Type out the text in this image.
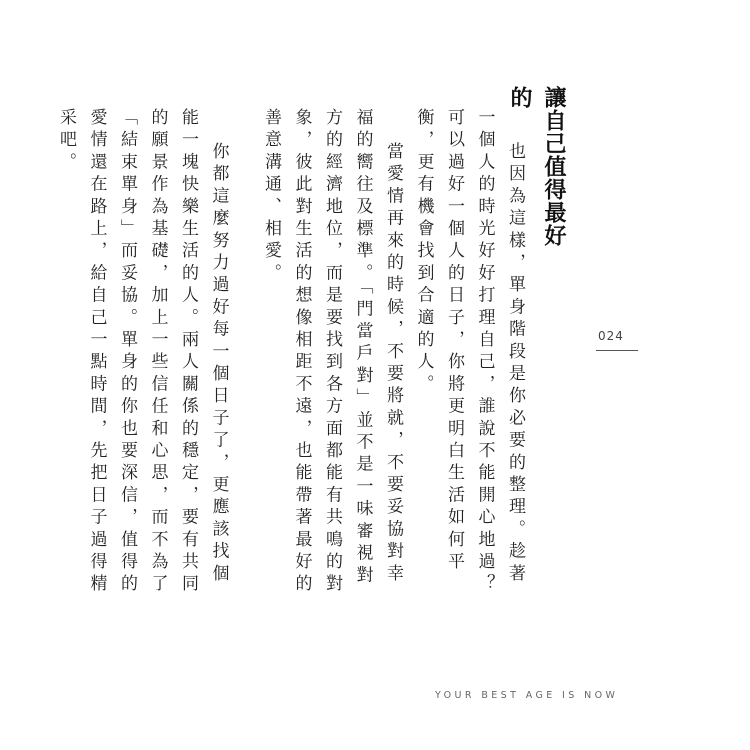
讓自己值得最好的

也因為這樣，單身階段是你必要的整理。趁著一個人的時光好好打理自己，誰說不能開心地過？可以過好一個人的日子，你將更明白生活如何平衡，更有機會找到合適的人。

當愛情再來的時候，不要將就，不要妥協對幸福的嚮往及標準。「門當戶對」並不是一味審視對方的經濟地位，而是要找到各方面都能有共鳴的對象，彼此對生活的想像相距不遠，也能帶著最好的善意溝通、相愛。

你都這麼努力過好每一個日子了，更應該找個能一塊快樂生活的人。兩人關係的穩定，要有共同的願景作為基礎，加上一些信任和心思，而不為了「結束單身」而妥協。單身的你也要深信，值得的愛情還在路上，給自己一點時間，先把日子過得精采吧。

024
YOUR BEST AGE IS NOW
